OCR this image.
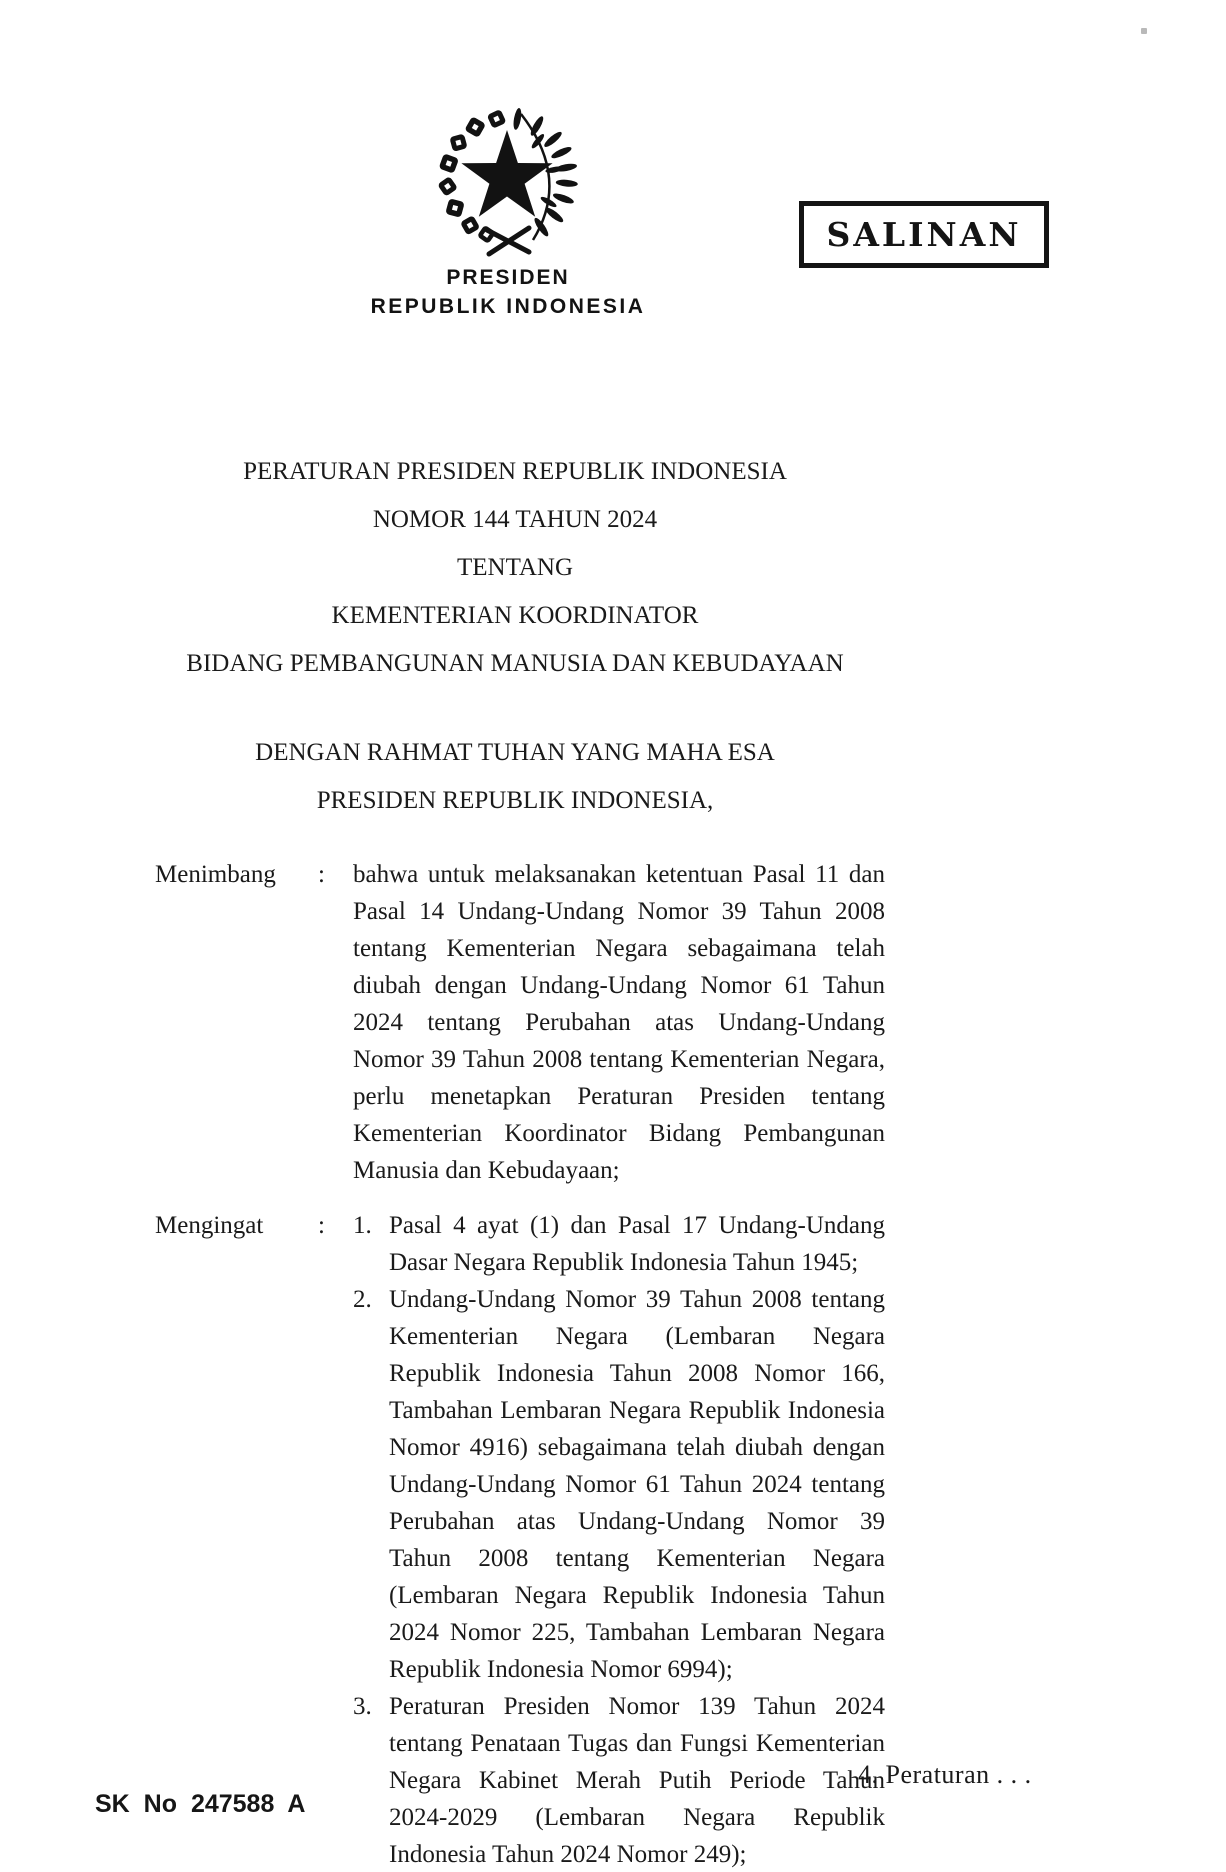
SALINAN
PRESIDEN
REPUBLIK INDONESIA
PERATURAN PRESIDEN REPUBLIK INDONESIA
NOMOR 144 TAHUN 2024
TENTANG
KEMENTERIAN KOORDINATOR
BIDANG PEMBANGUNAN MANUSIA DAN KEBUDAYAAN
DENGAN RAHMAT TUHAN YANG MAHA ESA
PRESIDEN REPUBLIK INDONESIA,
Menimbang	:	bahwa untuk melaksanakan ketentuan Pasal 11 dan Pasal 14 Undang-Undang Nomor 39 Tahun 2008 tentang Kementerian Negara sebagaimana telah diubah dengan Undang-Undang Nomor 61 Tahun 2024 tentang Perubahan atas Undang-Undang Nomor 39 Tahun 2008 tentang Kementerian Negara, perlu menetapkan Peraturan Presiden tentang Kementerian Koordinator Bidang Pembangunan Manusia dan Kebudayaan;
Mengingat	:	1. Pasal 4 ayat (1) dan Pasal 17 Undang-Undang Dasar Negara Republik Indonesia Tahun 1945;
2. Undang-Undang Nomor 39 Tahun 2008 tentang Kementerian Negara (Lembaran Negara Republik Indonesia Tahun 2008 Nomor 166, Tambahan Lembaran Negara Republik Indonesia Nomor 4916) sebagaimana telah diubah dengan Undang-Undang Nomor 61 Tahun 2024 tentang Perubahan atas Undang-Undang Nomor 39 Tahun 2008 tentang Kementerian Negara (Lembaran Negara Republik Indonesia Tahun 2024 Nomor 225, Tambahan Lembaran Negara Republik Indonesia Nomor 6994);
3. Peraturan Presiden Nomor 139 Tahun 2024 tentang Penataan Tugas dan Fungsi Kementerian Negara Kabinet Merah Putih Periode Tahun 2024-2029 (Lembaran Negara Republik Indonesia Tahun 2024 Nomor 249);
4. Peraturan . . .
SK No 247588 A
